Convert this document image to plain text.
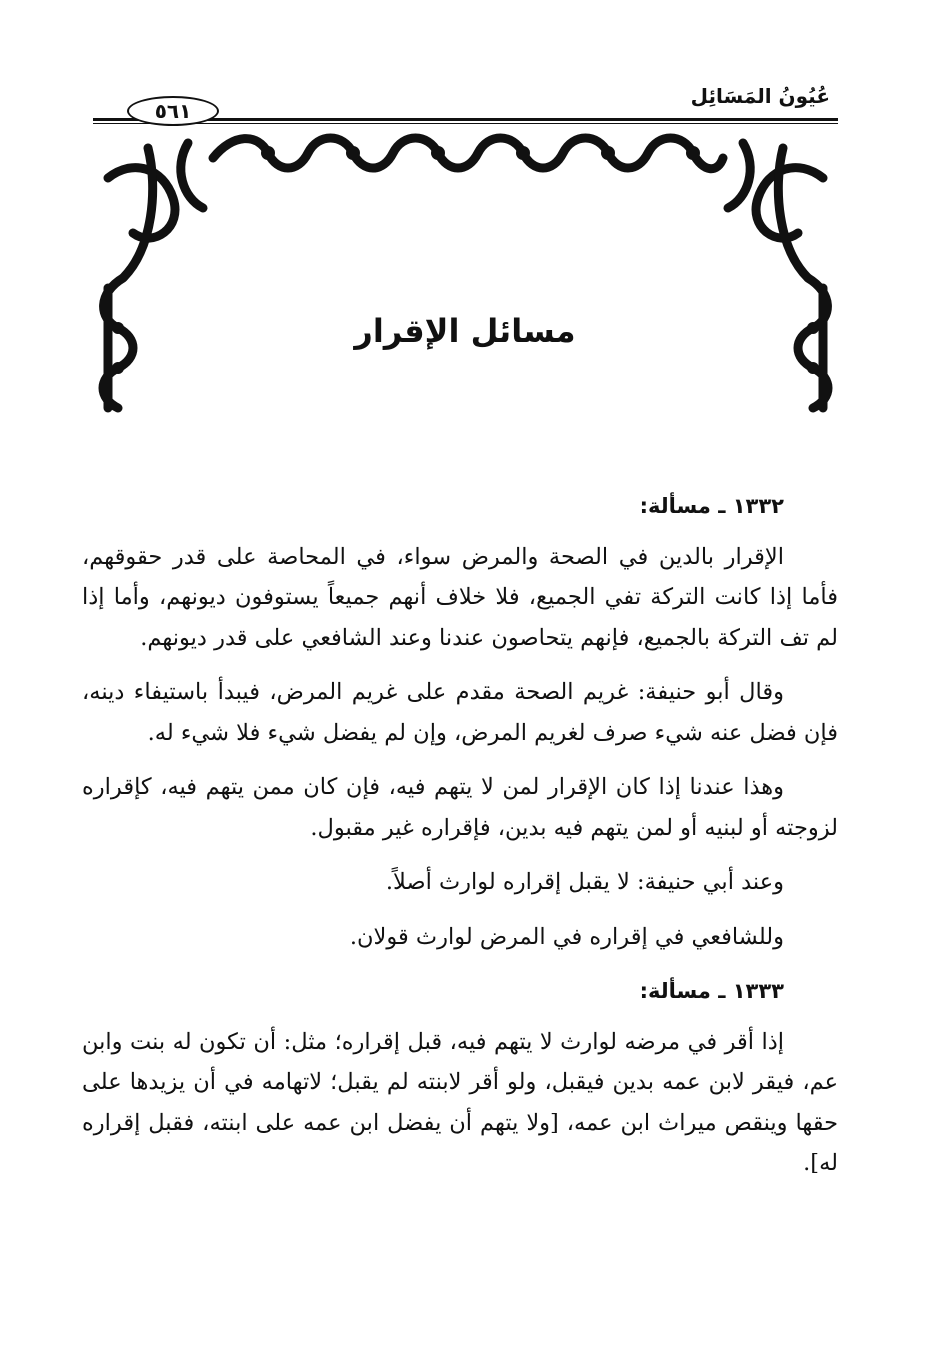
عُيُونُ المَسَائِل
٥٦١
مسائل الإقرار

١٣٣٢ ـ مسألة:

الإقرار بالدين في الصحة والمرض سواء، في المحاصة على قدر حقوقهم، فأما إذا كانت التركة تفي الجميع، فلا خلاف أنهم جميعاً يستوفون ديونهم، وأما إذا لم تف التركة بالجميع، فإنهم يتحاصون عندنا وعند الشافعي على قدر ديونهم.

وقال أبو حنيفة: غريم الصحة مقدم على غريم المرض، فيبدأ باستيفاء دينه، فإن فضل عنه شيء صرف لغريم المرض، وإن لم يفضل شيء فلا شيء له.

وهذا عندنا إذا كان الإقرار لمن لا يتهم فيه، فإن كان ممن يتهم فيه، كإقراره لزوجته أو لبنيه أو لمن يتهم فيه بدين، فإقراره غير مقبول.

وعند أبي حنيفة: لا يقبل إقراره لوارث أصلاً.

وللشافعي في إقراره في المرض لوارث قولان.

١٣٣٣ ـ مسألة:

إذا أقر في مرضه لوارث لا يتهم فيه، قبل إقراره؛ مثل: أن تكون له بنت وابن عم، فيقر لابن عمه بدين فيقبل، ولو أقر لابنته لم يقبل؛ لاتهامه في أن يزيدها على حقها وينقص ميراث ابن عمه، [ولا يتهم أن يفضل ابن عمه على ابنته، فقبل إقراره له].
